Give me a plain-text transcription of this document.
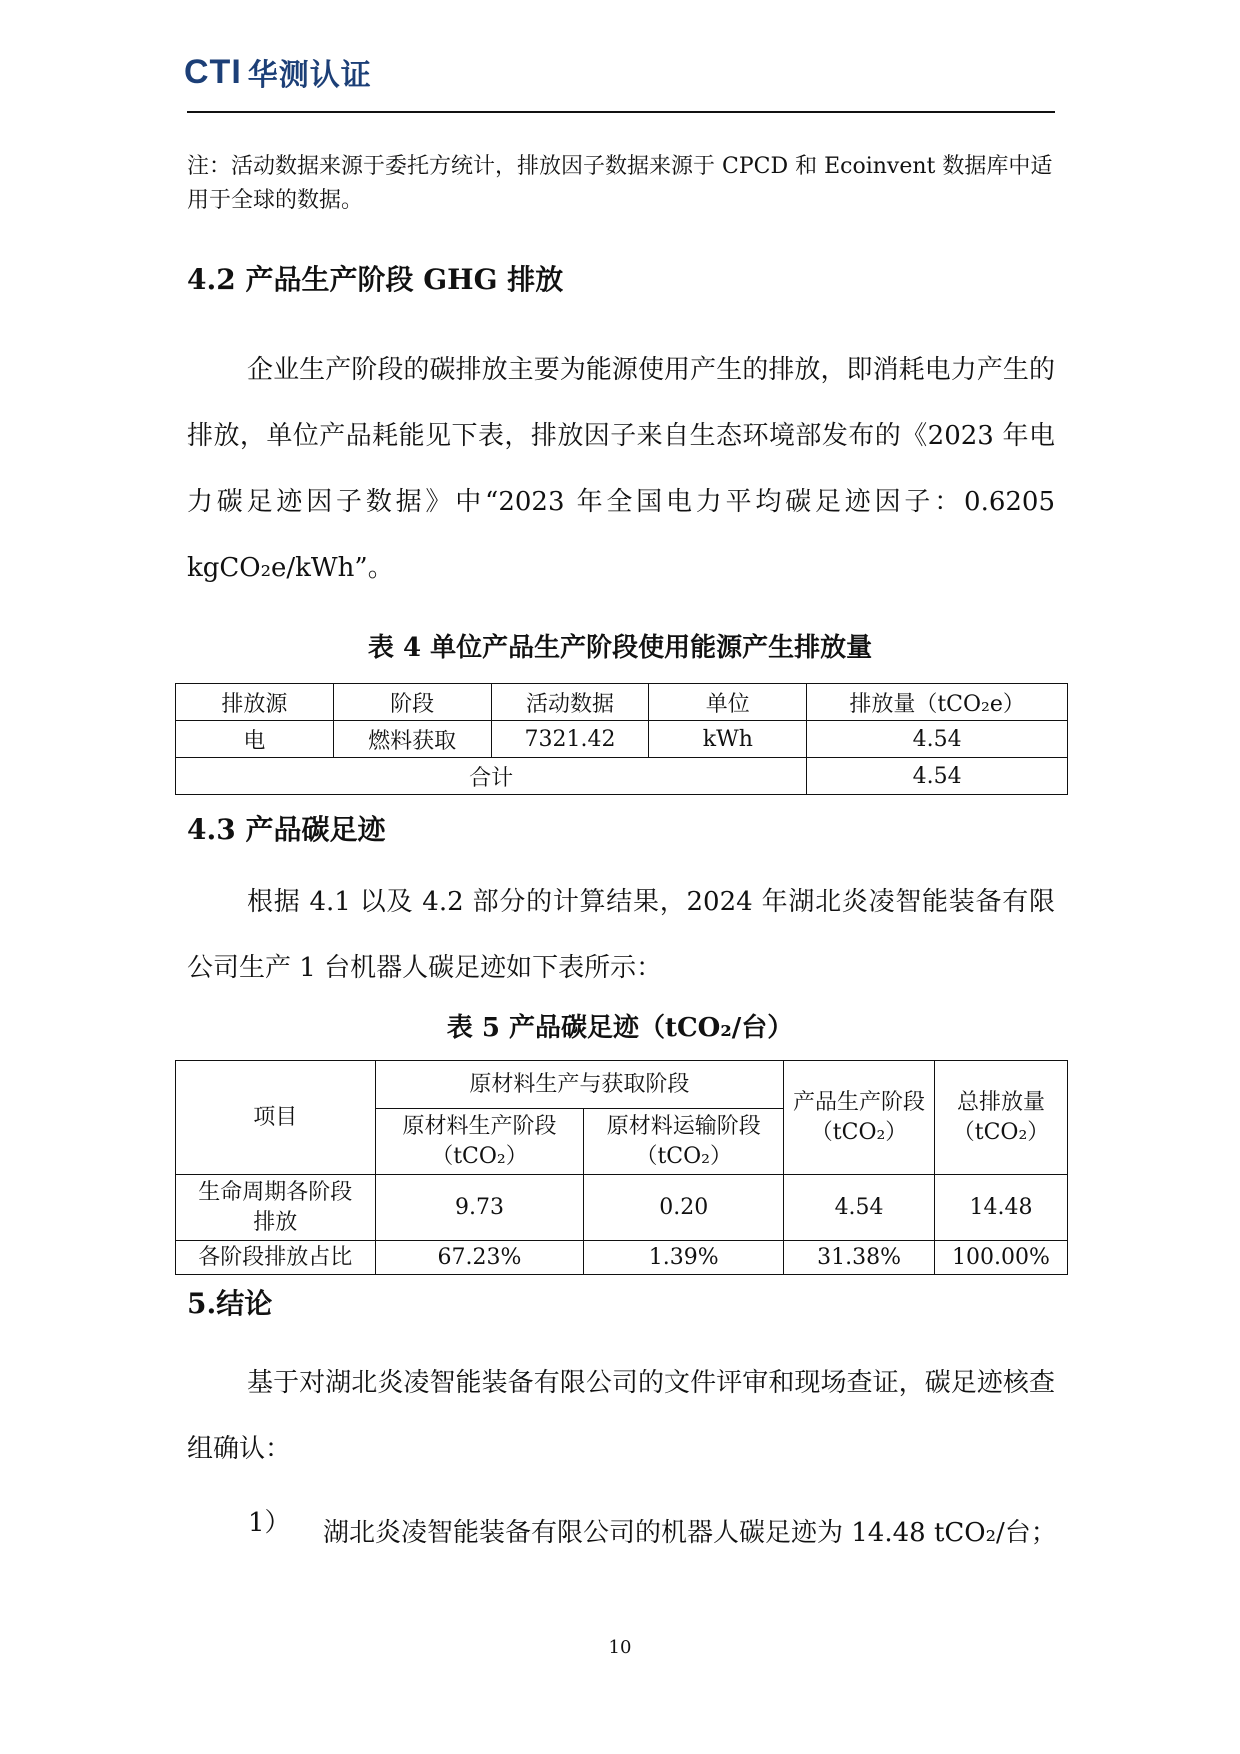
CTI 华测认证

注：活动数据来源于委托方统计，排放因子数据来源于 CPCD 和 Ecoinvent 数据库中适用于全球的数据。

4.2 产品生产阶段 GHG 排放

企业生产阶段的碳排放主要为能源使用产生的排放，即消耗电力产生的排放，单位产品耗能见下表，排放因子来自生态环境部发布的《2023 年电力碳足迹因子数据》中“2023 年全国电力平均碳足迹因子：0.6205 kgCO₂e/kWh”。

表 4 单位产品生产阶段使用能源产生排放量

排放源	阶段	活动数据	单位	排放量（tCO₂e）
电	燃料获取	7321.42	kWh	4.54
合计				4.54
4.3 产品碳足迹

根据 4.1 以及 4.2 部分的计算结果，2024 年湖北炎凌智能装备有限公司生产 1 台机器人碳足迹如下表所示：

表 5 产品碳足迹（tCO₂/台）

项目	原材料生产与获取阶段		产品生产阶段（tCO₂）	总排放量（tCO₂）
	原材料生产阶段（tCO₂）	原材料运输阶段（tCO₂）		
生命周期各阶段排放	9.73	0.20	4.54	14.48
各阶段排放占比	67.23%	1.39%	31.38%	100.00%
5.结论

基于对湖北炎凌智能装备有限公司的文件评审和现场查证，碳足迹核查组确认：

1） 湖北炎凌智能装备有限公司的机器人碳足迹为 14.48 tCO₂/台；

10
